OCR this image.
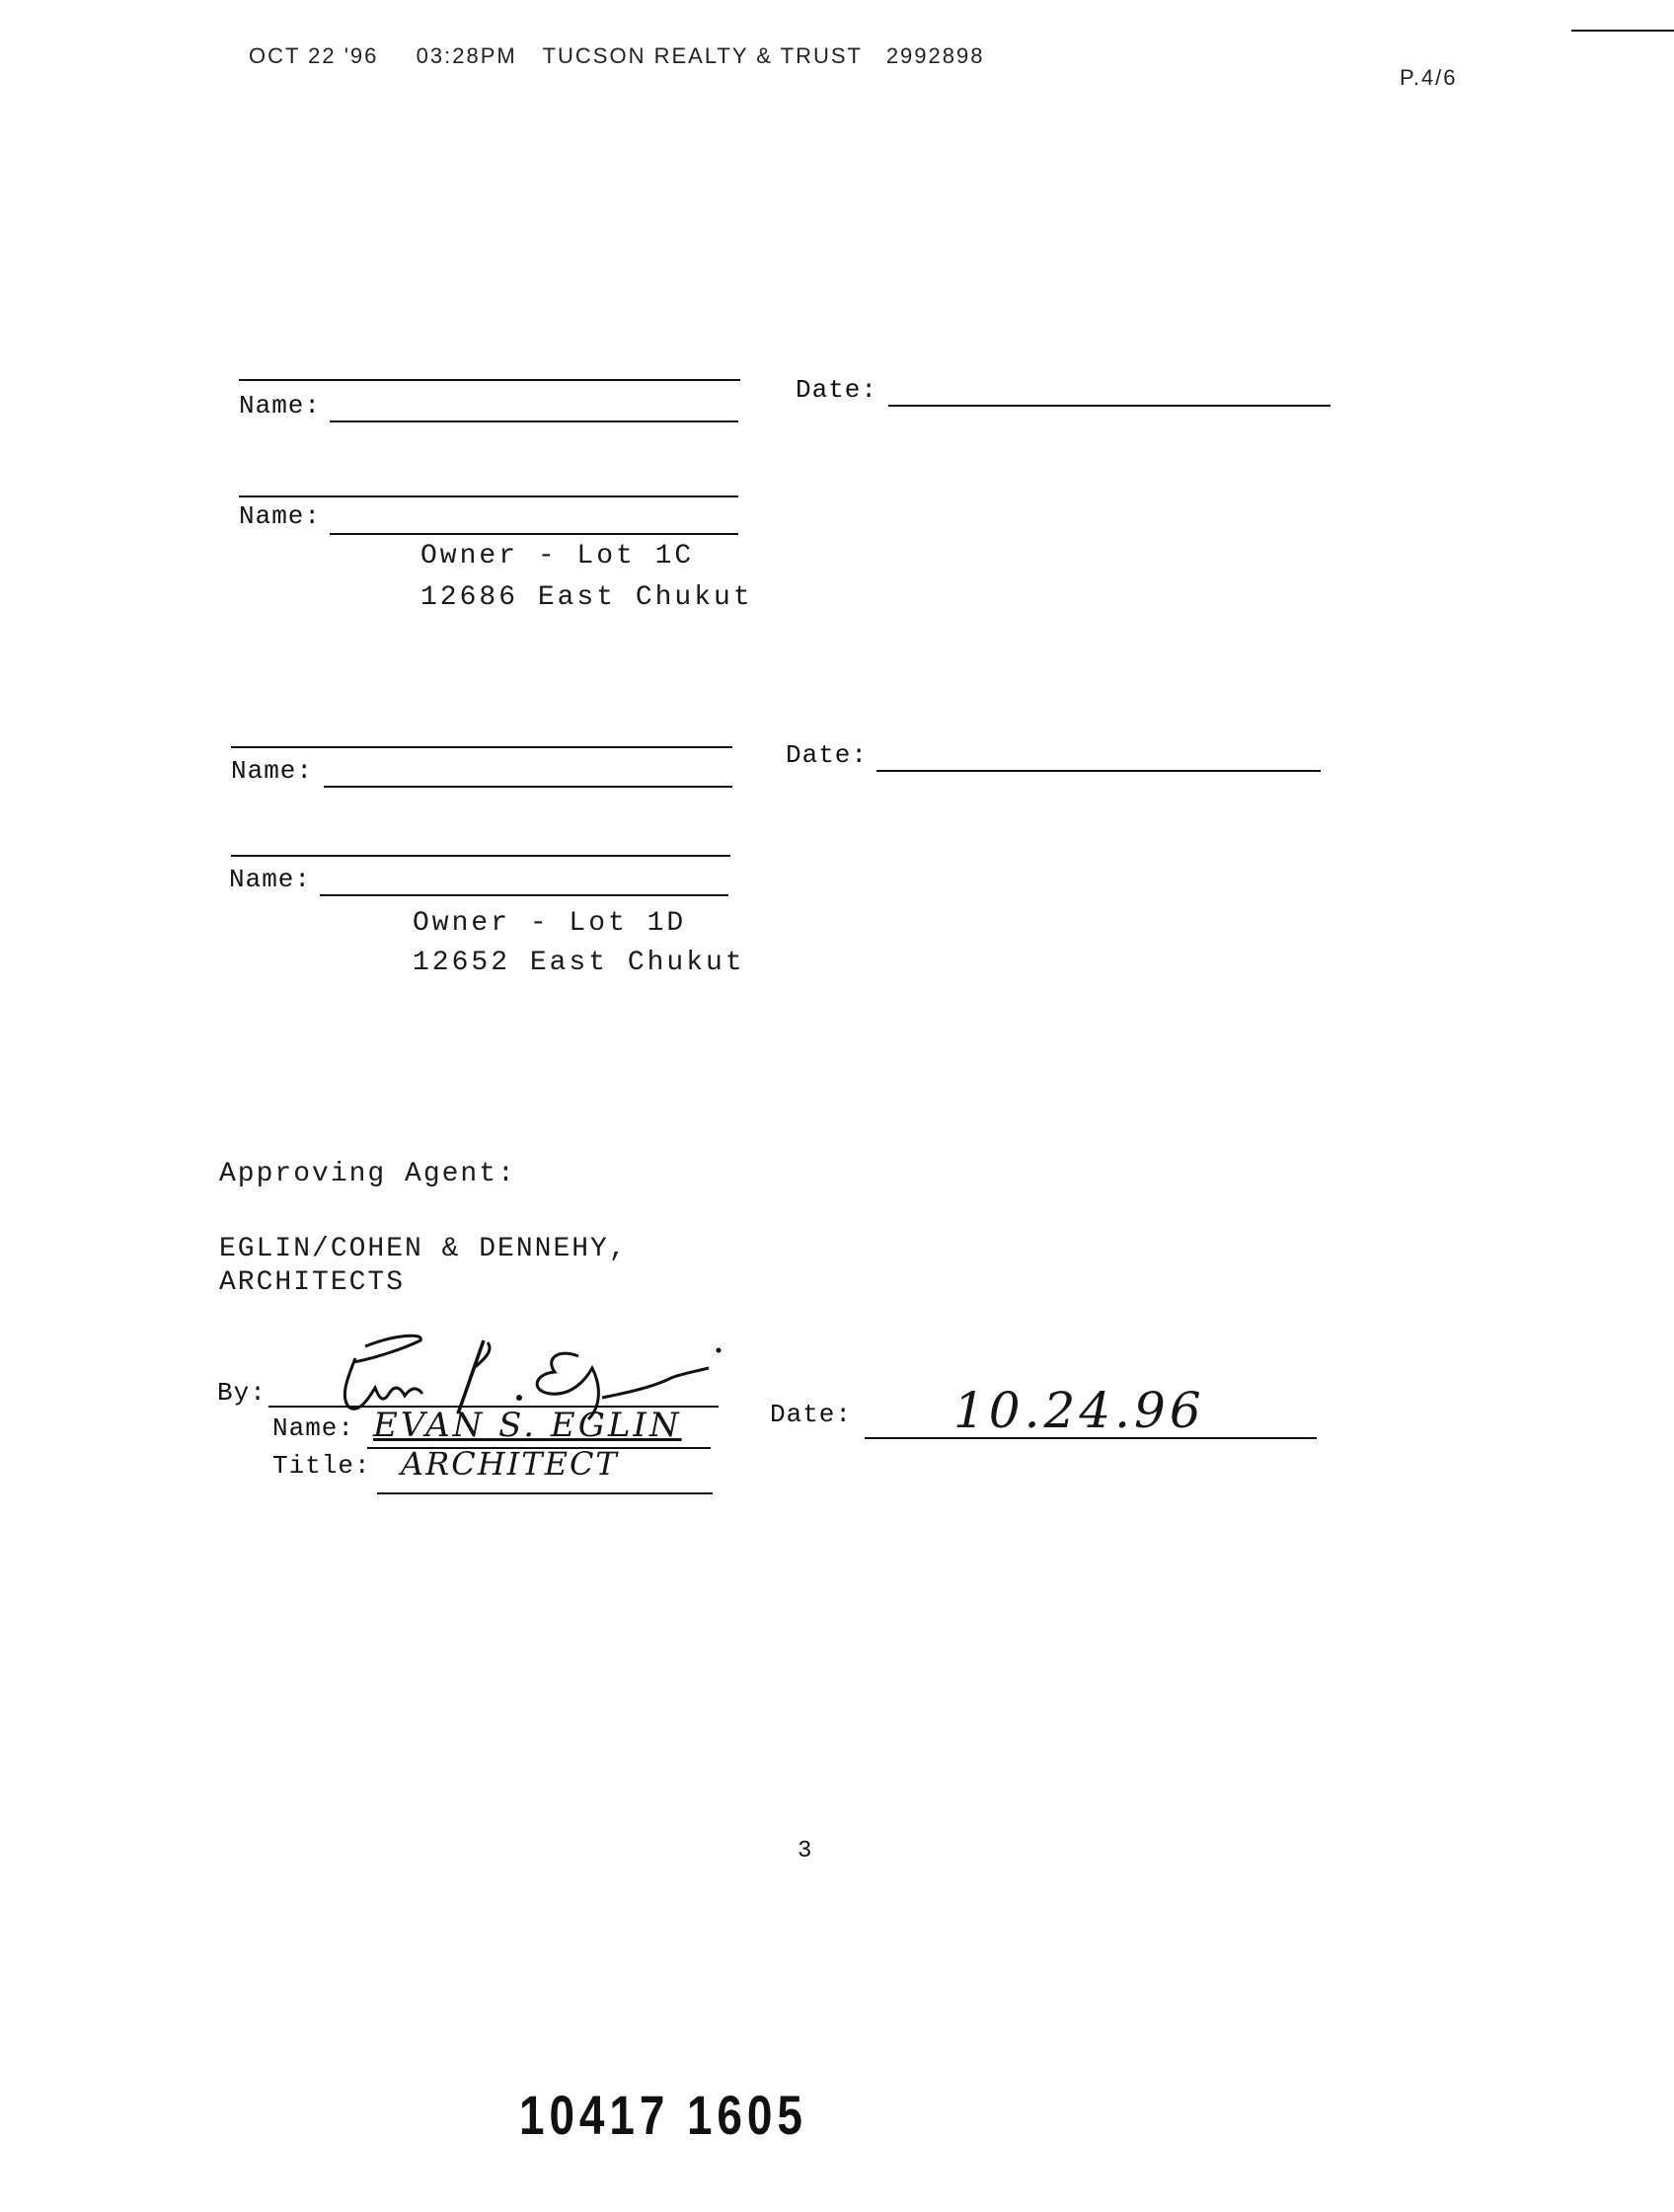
OCT 22 '96 03:28PM TUCSON REALTY & TRUST 2992898
P.4/6
Name:
Date:
Name:
Owner - Lot 1C
12686 East Chukut
Name:
Date:
Name:
Owner - Lot 1D
12652 East Chukut
Approving Agent:
EGLIN/COHEN & DENNEHY,
ARCHITECTS
By:
Name: EVAN S. EGLIN
Title: ARCHITECT
Date: 10.24.96
3
10417 1605
